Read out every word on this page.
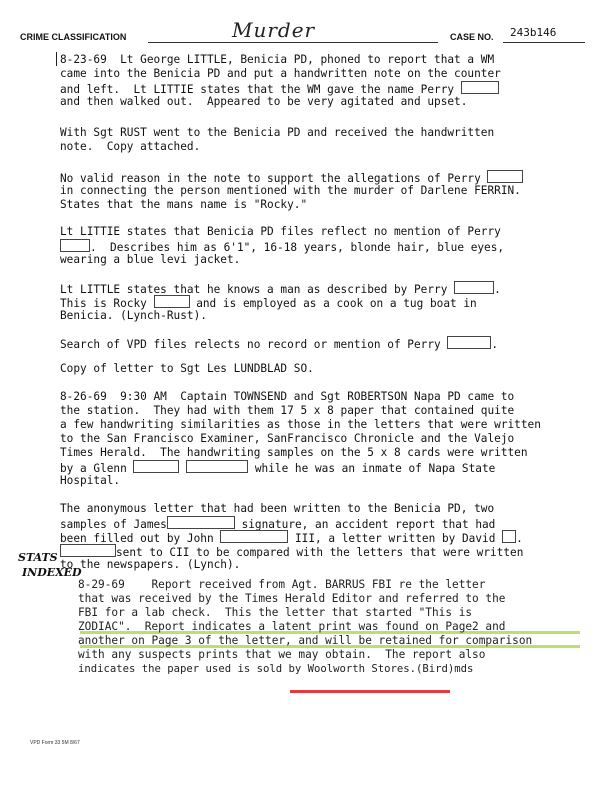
CRIME CLASSIFICATION	Murder	CASE NO. 243b146
8-23-69  Lt George LITTLE, Benicia PD, phoned to report that a WM
came into the Benicia PD and put a handwritten note on the counter
and left.  Lt LITTIE states that the WM gave the name Perry
and then walked out.  Appeared to be very agitated and upset.
With Sgt RUST went to the Benicia PD and received the handwritten
note.  Copy attached.
No valid reason in the note to support the allegations of Perry
in connecting the person mentioned with the murder of Darlene FERRIN.
States that the mans name is "Rocky."
Lt LITTIE states that Benicia PD files reflect no mention of Perry
.  Describes him as 6'1", 16-18 years, blonde hair, blue eyes,
wearing a blue levi jacket.
Lt LITTLE states that he knows a man as described by Perry	.
This is Rocky	and is employed as a cook on a tug boat in
Benicia. (Lynch-Rust).
Search of VPD files relects no record or mention of Perry	.
Copy of letter to Sgt Les LUNDBLAD SO.
8-26-69  9:30 AM  Captain TOWNSEND and Sgt ROBERTSON Napa PD came to
the station.  They had with them 17 5 x 8 paper that contained quite
a few handwriting similarities as those in the letters that were written
to the San Francisco Examiner, SanFrancisco Chronicle and the Valejo
Times Herald.  The handwriting samples on the 5 x 8 cards were written
by a Glenn	while he was an inmate of Napa State
Hospital.
The anonymous letter that had been written to the Benicia PD, two
samples of James	signature, an accident report that had
been filled out by John	III, a letter written by David .
sent to CII to be compared with the letters that were written
to the newspapers. (Lynch).
STATS
INDEXED
8-29-69    Report received from Agt. BARRUS FBI re the letter
that was received by the Times Herald Editor and referred to the
FBI for a lab check.  This the letter that started "This is
ZODIAC".  Report indicates a latent print was found on Page2 and
another on Page 3 of the letter, and will be retained for comparison
with any suspects prints that we may obtain.  The report also
indicates the paper used is sold by Woolworth Stores.(Bird)mds
VPD Form 33 5M 8/67
